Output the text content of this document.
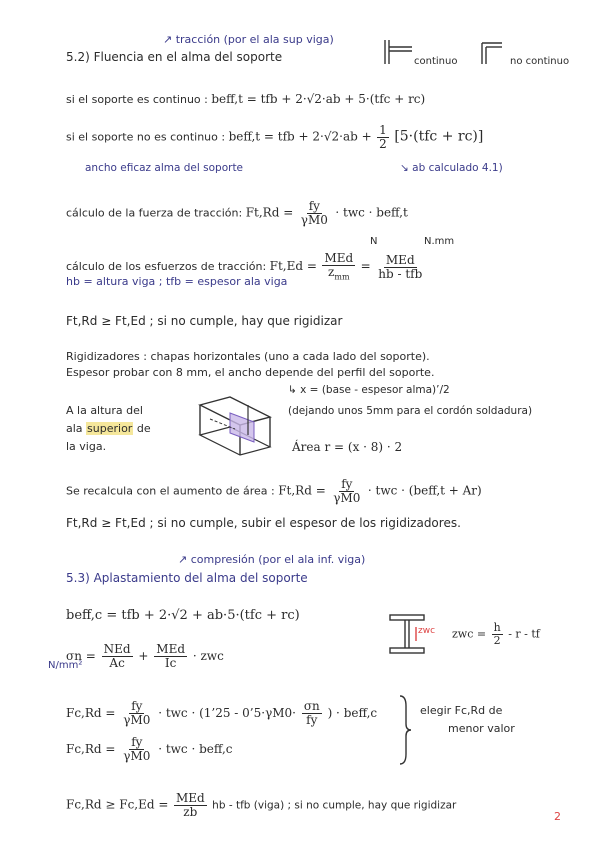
↗ tracción (por el ala sup viga)
5.2) Fluencia en el alma del soporte	continuo	no continuo
si el soporte es continuo : beff,t = tfb + 2·√2·ab + 5·(tfc + rc)
si el soporte no es continuo : beff,t = tfb + $2\cdot√2\cdot ab + \frac{1}{2} [5\cdot(tfc + rc)]$
ancho eficaz alma del soporte	↘ ab calculado 4.1)
cálculo de la fuerza de tracción: $Ft,Rd = \frac{fy}{\gamma M0}$ · twc · beff,t
N	N.mm
cálculo de los esfuerzos de tracción: $Ft,Ed = \frac{\text{MEd}}{z_{mm}} = \frac{\text{MEd}}{\text{hb - tfb}}$
hb = altura viga ; tfb = espesor ala viga
Ft,Rd ≥ Ft,Ed ; si no cumple, hay que rigidizar
Rigidizadores : chapas horizontales (uno a cada lado del soporte).
Espesor probar con 8 mm, el ancho depende del perfil del soporte.
↳ x = (base - espesor alma)’/2
(dejando unos 5mm para el cordón soldadura)
A la altura del
ala superior de
la viga.	Área r = (x · 8) · 2
Se recalcula con el aumento de área : $Ft,Rd = \frac{fy}{\gamma M0}$ · twc · (beff,t + Ar)
Ft,Rd ≥ Ft,Ed ; si no cumple, subir el espesor de los rigidizadores.
↗ compresión (por el ala inf. viga)
5.3) Aplastamiento del alma del soporte
beff,c = tfb + 2·√2 + ab·5·(tfc + rc)
zwc zwc = $\frac{h}{2}$ - r - tf
$\sigma n = \frac{\text{NEd}}{Ac} + \frac{\text{MEd}}{Ic}$ · zwc
N/mm²
$Fc,Rd = \frac{fy}{\gamma M0}$ · twc · (1’25 - 0’5·γM0· $\frac{\sigma n}{fy}$ ) · beff,c
$Fc,Rd = \frac{fy}{\gamma M0}$ · twc · beff,c
elegir Fc,Rd de
menor valor
$Fc,Rd \ge Fc,Ed = \frac{\text{MEd}}{zb}$ hb - tfb (viga) ; si no cumple, hay que rigidizar
2
